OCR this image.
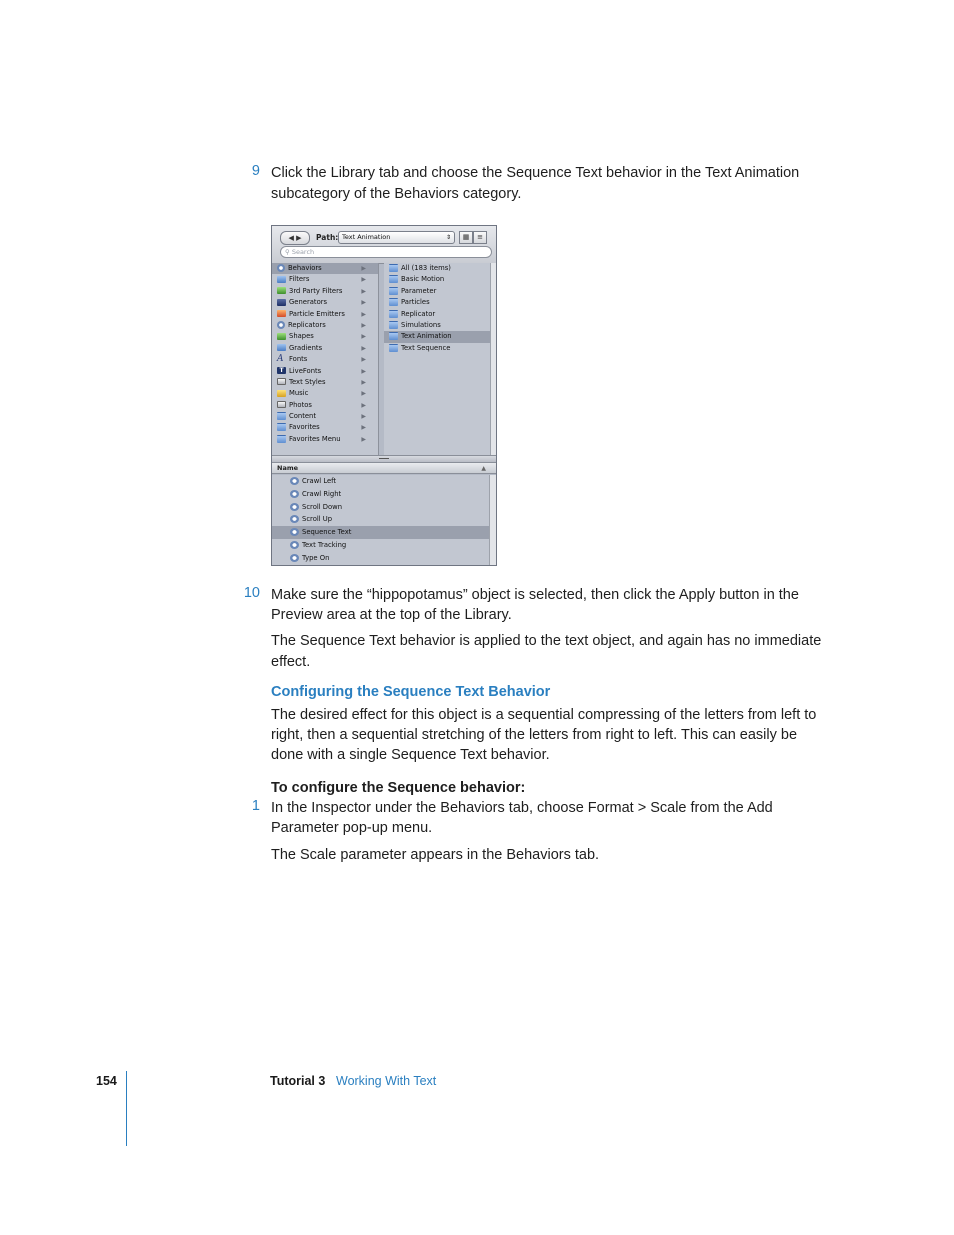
9 Click the Library tab and choose the Sequence Text behavior in the Text Animation
subcategory of the Behaviors category.
◀ ▶	Path: Text Animation	⇕	▦	≡
⚲ Search
Behaviors	▶
Filters	▶
3rd Party Filters	▶
Generators	▶
Particle Emitters	▶
Replicators	▶
Shapes	▶
Gradients	▶
A Fonts	▶
T LiveFonts	▶
Text Styles	▶
Music	▶
Photos	▶
Content	▶
Favorites	▶
Favorites Menu	▶
All (183 items)
Basic Motion
Parameter
Particles
Replicator
Simulations
Text Animation
Text Sequence
Name	▲
Crawl Left
Crawl Right
Scroll Down
Scroll Up
Sequence Text
Text Tracking
Type On
10 Make sure the “hippopotamus” object is selected, then click the Apply button in the
Preview area at the top of the Library.
The Sequence Text behavior is applied to the text object, and again has no immediate
effect.
Configuring the Sequence Text Behavior
The desired effect for this object is a sequential compressing of the letters from left to
right, then a sequential stretching of the letters from right to left. This can easily be
done with a single Sequence Text behavior.
To configure the Sequence behavior:
1 In the Inspector under the Behaviors tab, choose Format > Scale from the Add
Parameter pop-up menu.
The Scale parameter appears in the Behaviors tab.
154	Tutorial 3 Working With Text
